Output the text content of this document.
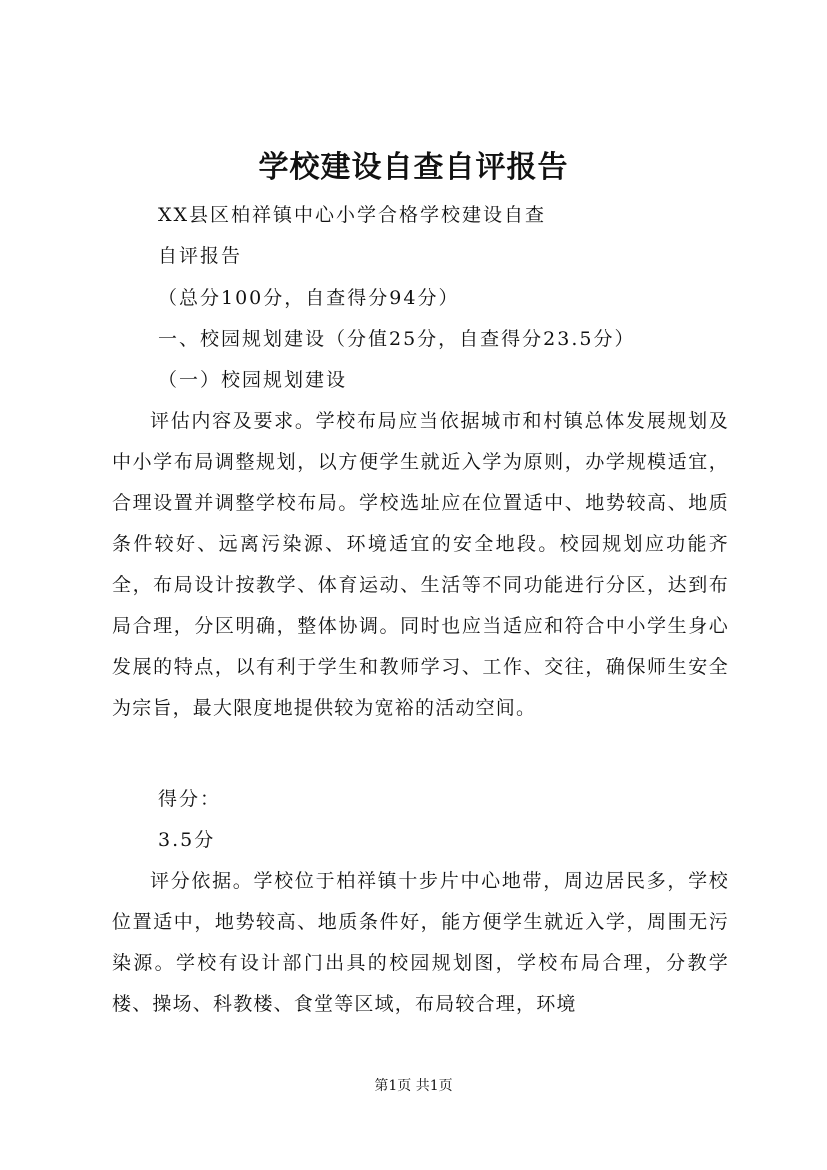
学校建设自查自评报告

XX县区柏祥镇中心小学合格学校建设自查

自评报告

（总分100分，自查得分94分）

一、校园规划建设（分值25分，自查得分23.5分）

（一）校园规划建设

评估内容及要求。学校布局应当依据城市和村镇总体发展规划及中小学布局调整规划，以方便学生就近入学为原则，办学规模适宜，合理设置并调整学校布局。学校选址应在位置适中、地势较高、地质条件较好、远离污染源、环境适宜的安全地段。校园规划应功能齐全，布局设计按教学、体育运动、生活等不同功能进行分区，达到布局合理，分区明确，整体协调。同时也应当适应和符合中小学生身心发展的特点，以有利于学生和教师学习、工作、交往，确保师生安全为宗旨，最大限度地提供较为宽裕的活动空间。

得分：

3.5分

评分依据。学校位于柏祥镇十步片中心地带，周边居民多，学校位置适中，地势较高、地质条件好，能方便学生就近入学，周围无污染源。学校有设计部门出具的校园规划图，学校布局合理，分教学楼、操场、科教楼、食堂等区域，布局较合理，环境

第1页 共1页
